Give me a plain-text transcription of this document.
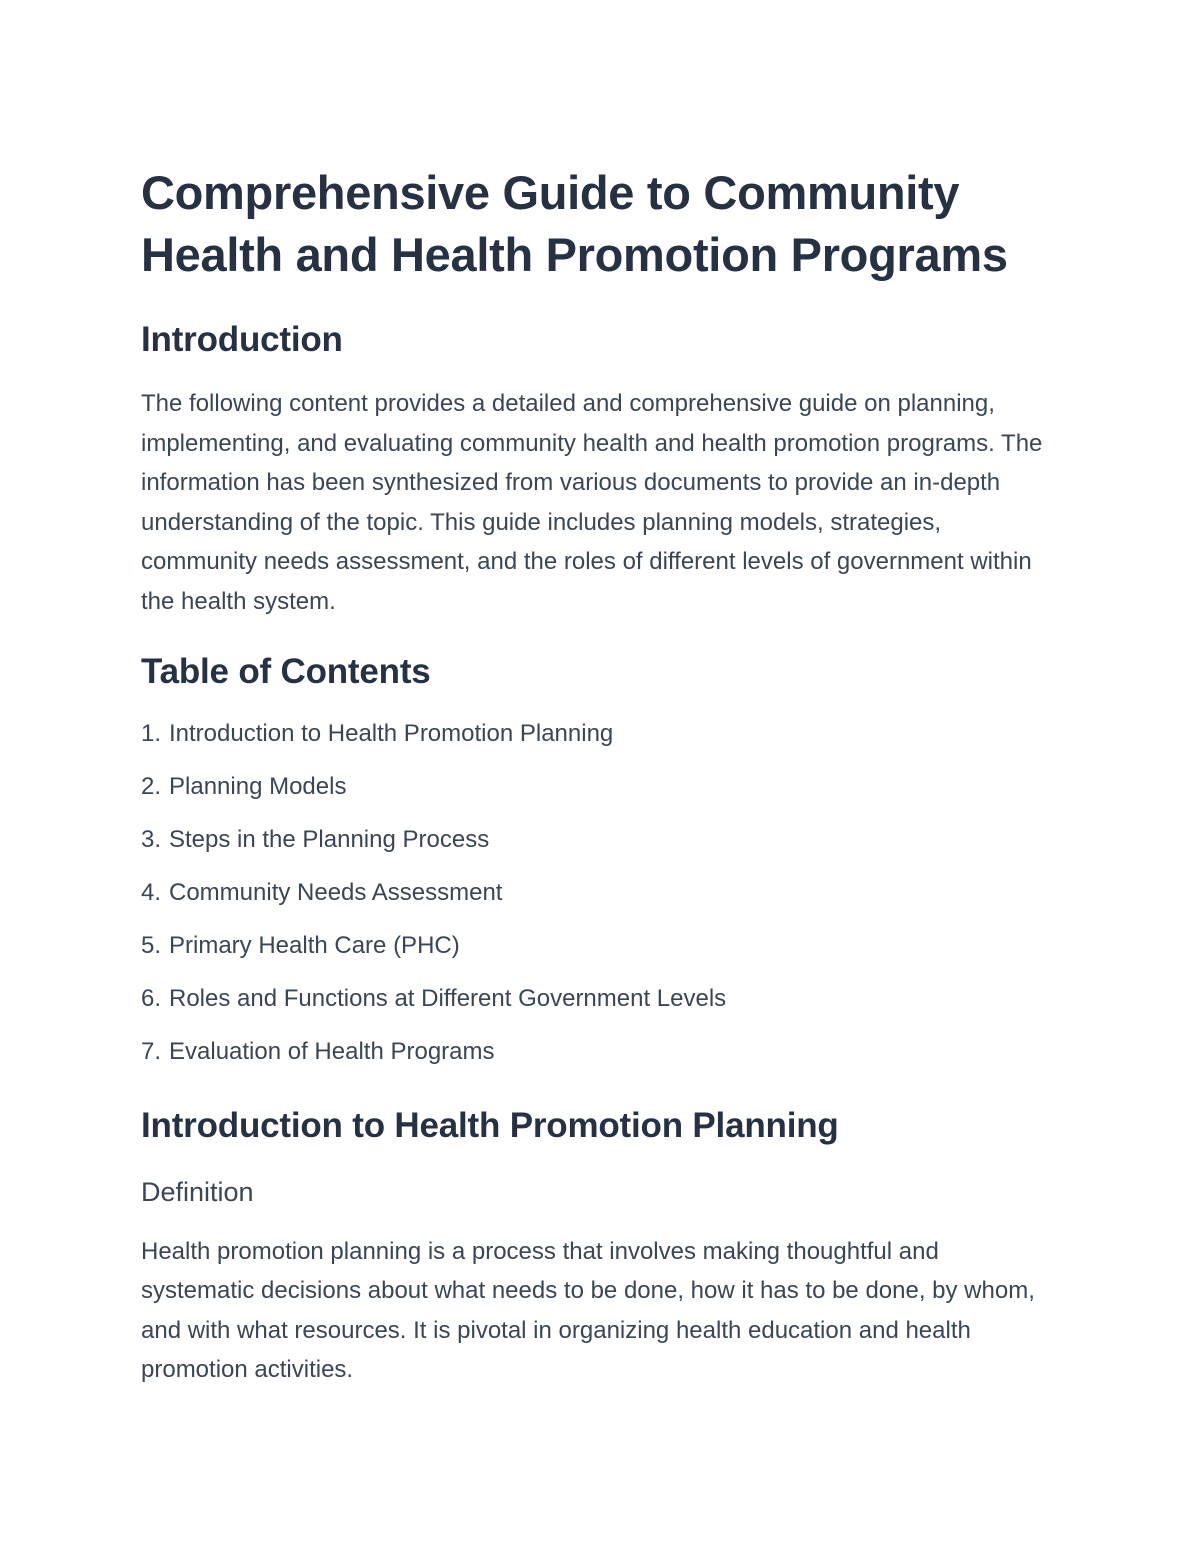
Comprehensive Guide to Community Health and Health Promotion Programs
Introduction

The following content provides a detailed and comprehensive guide on planning, implementing, and evaluating community health and health promotion programs. The information has been synthesized from various documents to provide an in-depth understanding of the topic. This guide includes planning models, strategies, community needs assessment, and the roles of different levels of government within the health system.

Table of Contents
1. Introduction to Health Promotion Planning
2. Planning Models
3. Steps in the Planning Process
4. Community Needs Assessment
5. Primary Health Care (PHC)
6. Roles and Functions at Different Government Levels
7. Evaluation of Health Programs
Introduction to Health Promotion Planning
Definition

Health promotion planning is a process that involves making thoughtful and systematic decisions about what needs to be done, how it has to be done, by whom, and with what resources. It is pivotal in organizing health education and health promotion activities.
